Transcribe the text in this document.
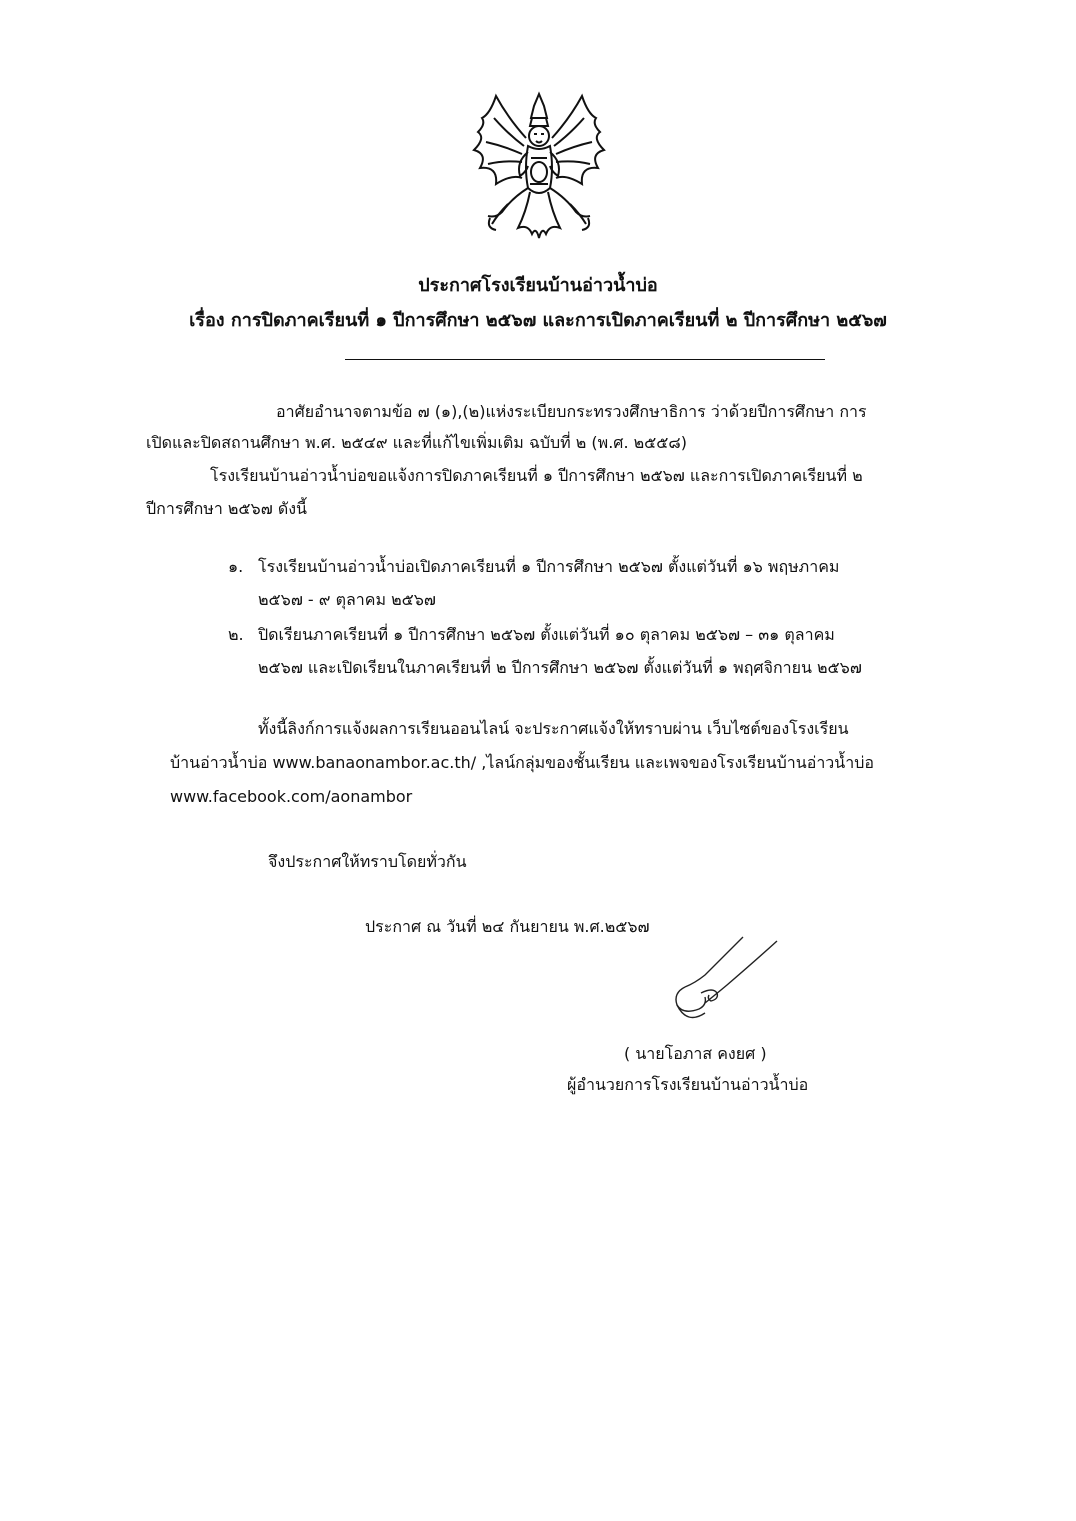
ประกาศโรงเรียนบ้านอ่าวน้ำบ่อ
เรื่อง การปิดภาคเรียนที่ ๑ ปีการศึกษา ๒๕๖๗ และการเปิดภาคเรียนที่ ๒ ปีการศึกษา ๒๕๖๗
อาศัยอำนาจตามข้อ ๗ (๑),(๒)แห่งระเบียบกระทรวงศึกษาธิการ ว่าด้วยปีการศึกษา การ
เปิดและปิดสถานศึกษา พ.ศ. ๒๕๔๙ และที่แก้ไขเพิ่มเติม ฉบับที่ ๒ (พ.ศ. ๒๕๕๘)
โรงเรียนบ้านอ่าวน้ำบ่อขอแจ้งการปิดภาคเรียนที่ ๑ ปีการศึกษา ๒๕๖๗ และการเปิดภาคเรียนที่ ๒
ปีการศึกษา ๒๕๖๗ ดังนี้
๑. โรงเรียนบ้านอ่าวน้ำบ่อเปิดภาคเรียนที่ ๑ ปีการศึกษา ๒๕๖๗ ตั้งแต่วันที่ ๑๖ พฤษภาคม
๒๕๖๗ - ๙ ตุลาคม ๒๕๖๗
๒. ปิดเรียนภาคเรียนที่ ๑ ปีการศึกษา ๒๕๖๗ ตั้งแต่วันที่ ๑๐ ตุลาคม ๒๕๖๗ – ๓๑ ตุลาคม
๒๕๖๗ และเปิดเรียนในภาคเรียนที่ ๒ ปีการศึกษา ๒๕๖๗ ตั้งแต่วันที่ ๑ พฤศจิกายน ๒๕๖๗
ทั้งนี้ลิงก์การแจ้งผลการเรียนออนไลน์ จะประกาศแจ้งให้ทราบผ่าน เว็บไซต์ของโรงเรียน
บ้านอ่าวน้ำบ่อ www.banaonambor.ac.th/ ,ไลน์กลุ่มของชั้นเรียน และเพจของโรงเรียนบ้านอ่าวน้ำบ่อ
www.facebook.com/aonambor
จึงประกาศให้ทราบโดยทั่วกัน
ประกาศ ณ วันที่ ๒๔ กันยายน พ.ศ.๒๕๖๗
( นายโอภาส คงยศ )
ผู้อำนวยการโรงเรียนบ้านอ่าวน้ำบ่อ
